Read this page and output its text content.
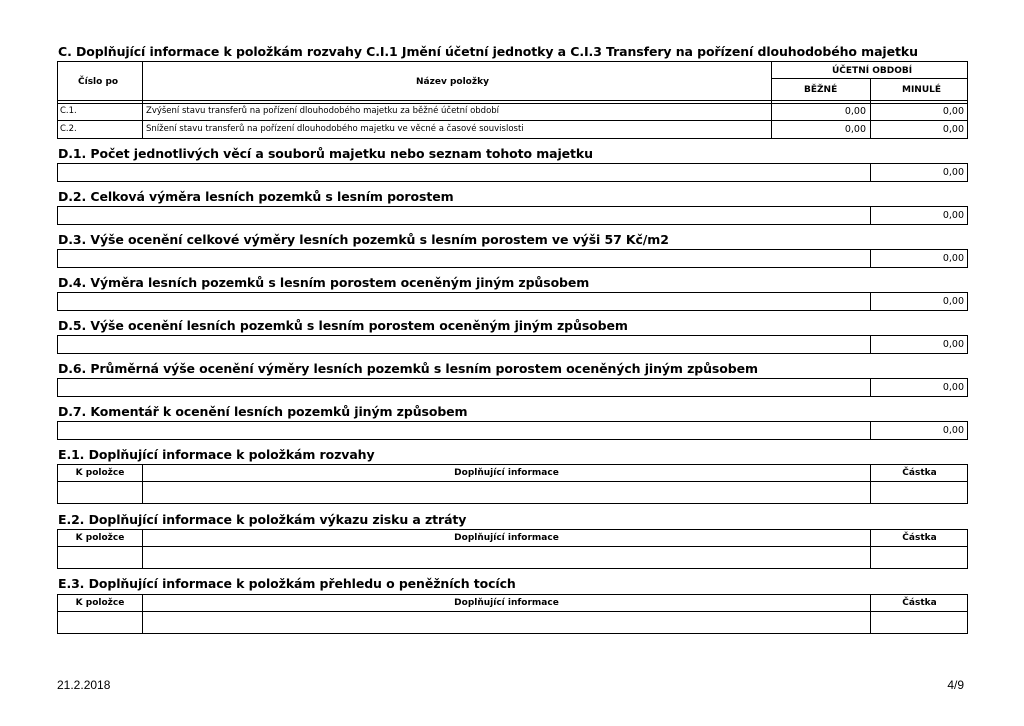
C. Doplňující informace k položkám rozvahy C.I.1 Jmění účetní jednotky a C.I.3 Transfery na pořízení dlouhodobého majetku
Číslo po	Název položky
ÚČETNÍ OBDOBÍ
BĚŽNÉ	MINULÉ
C.1.	Zvýšení stavu transferů na pořízení dlouhodobého majetku za běžné účetní období	0,00	0,00
C.2.	Snížení stavu transferů na pořízení dlouhodobého majetku ve věcné a časové souvislosti	0,00	0,00
D.1. Počet jednotlivých věcí a souborů majetku nebo seznam tohoto majetku
0,00
D.2. Celková výměra lesních pozemků s lesním porostem
0,00
D.3. Výše ocenění celkové výměry lesních pozemků s lesním porostem ve výši 57 Kč/m2
0,00
D.4. Výměra lesních pozemků s lesním porostem oceněným jiným způsobem
0,00
D.5. Výše ocenění lesních pozemků s lesním porostem oceněným jiným způsobem
0,00
D.6. Průměrná výše ocenění výměry lesních pozemků s lesním porostem oceněných jiným způsobem
0,00
D.7. Komentář k ocenění lesních pozemků jiným způsobem
0,00
E.1. Doplňující informace k položkám rozvahy
K položce	Doplňující informace	Částka
E.2. Doplňující informace k položkám výkazu zisku a ztráty
K položce	Doplňující informace	Částka
E.3. Doplňující informace k položkám přehledu o peněžních tocích
K položce	Doplňující informace	Částka
21.2.2018	4/9
